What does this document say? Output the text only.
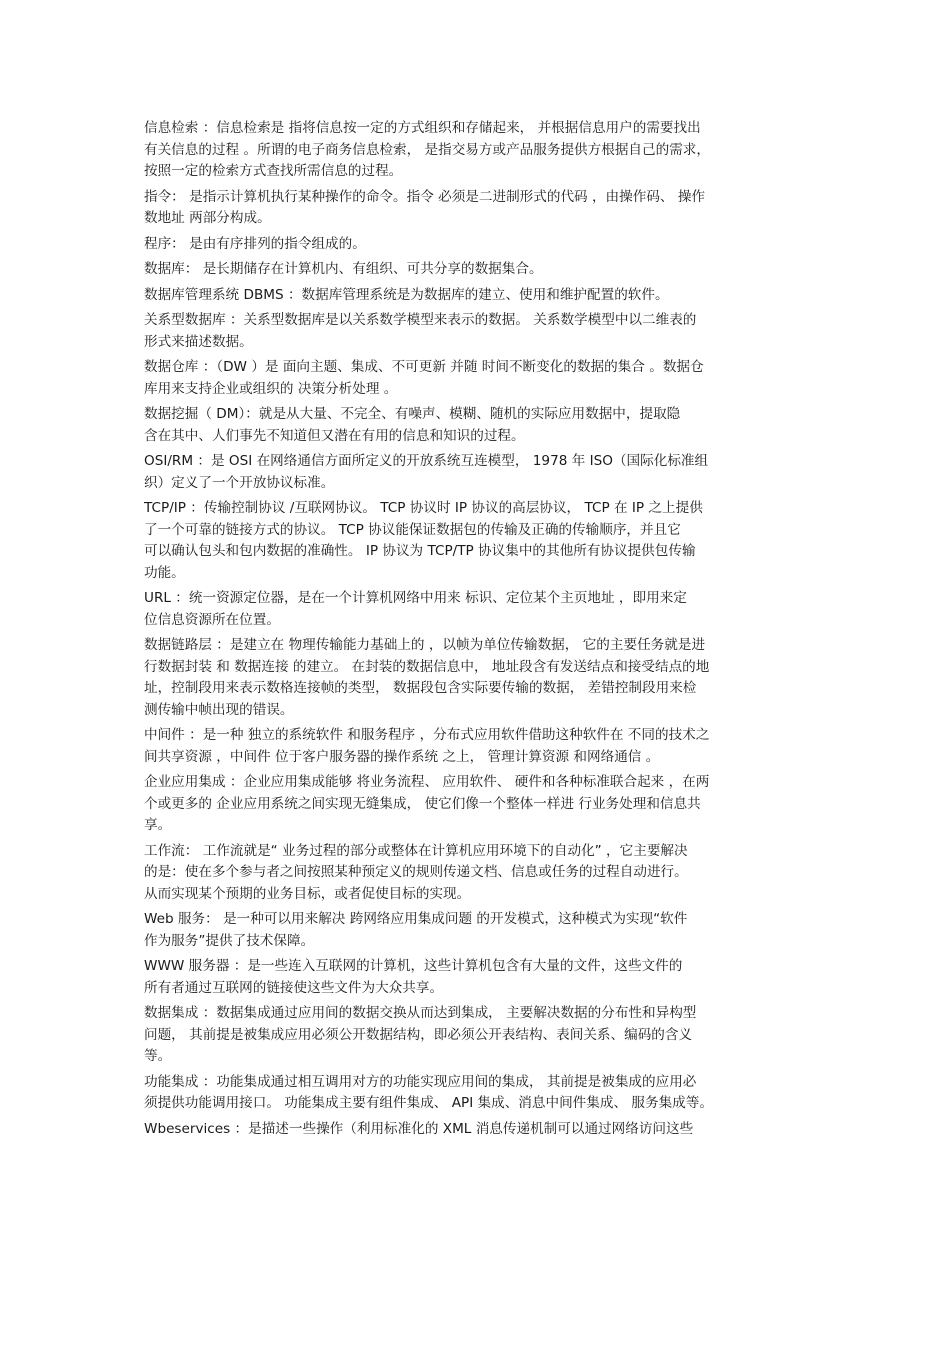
信息检索 ：信息检索是 指将信息按一定的方式组织和存储起来， 并根据信息用户的需要找出
有关信息的过程 。所谓的电子商务信息检索， 是指交易方或产品服务提供方根据自己的需求，
按照一定的检索方式查找所需信息的过程。
指令： 是指示计算机执行某种操作的命令。指令 必须是二进制形式的代码 ，由操作码、 操作
数地址 两部分构成。
程序： 是由有序排列的指令组成的。
数据库： 是长期储存在计算机内、有组织、可共分享的数据集合。
数据库管理系统 DBMS ：数据库管理系统是为数据库的建立、使用和维护配置的软件。
关系型数据库 ：关系型数据库是以关系数学模型来表示的数据。 关系数学模型中以二维表的
形式来描述数据。
数据仓库 ：（DW ）是 面向主题、集成、不可更新 并随 时间不断变化的数据的集合 。数据仓
库用来支持企业或组织的 决策分析处理 。
数据挖掘（ DM）：就是从大量、不完全、有噪声、模糊、随机的实际应用数据中，提取隐
含在其中、人们事先不知道但又潜在有用的信息和知识的过程。
OSI/RM ：是 OSI 在网络通信方面所定义的开放系统互连模型， 1978 年 ISO（国际化标准组
织）定义了一个开放协议标准。
TCP/IP ：传输控制协议 /互联网协议。 TCP 协议时 IP 协议的高层协议， TCP 在 IP 之上提供
了一个可靠的链接方式的协议。 TCP 协议能保证数据包的传输及正确的传输顺序，并且它
可以确认包头和包内数据的准确性。 IP 协议为 TCP/TP 协议集中的其他所有协议提供包传输
功能。
URL ：统一资源定位器，是在一个计算机网络中用来 标识、定位某个主页地址 ，即用来定
位信息资源所在位置。
数据链路层 ：是建立在 物理传输能力基础上的 ，以帧为单位传输数据， 它的主要任务就是进
行数据封装 和 数据连接 的建立。 在封装的数据信息中， 地址段含有发送结点和接受结点的地
址，控制段用来表示数格连接帧的类型， 数据段包含实际要传输的数据， 差错控制段用来检
测传输中帧出现的错误。
中间件 ：是一种 独立的系统软件 和服务程序 ，分布式应用软件借助这种软件在 不同的技术之
间共享资源 ，中间件 位于客户服务器的操作系统 之上， 管理计算资源 和网络通信 。
企业应用集成 ：企业应用集成能够 将业务流程、 应用软件、 硬件和各种标准联合起来 ，在两
个或更多的 企业应用系统之间实现无缝集成， 使它们像一个整体一样进 行业务处理和信息共
享。
工作流： 工作流就是“ 业务过程的部分或整体在计算机应用环境下的自动化” ，它主要解决
的是：使在多个参与者之间按照某种预定义的规则传递文档、信息或任务的过程自动进行。
从而实现某个预期的业务目标，或者促使目标的实现。
Web 服务： 是一种可以用来解决 跨网络应用集成问题 的开发模式，这种模式为实现“软件
作为服务”提供了技术保障。
WWW 服务器 ：是一些连入互联网的计算机，这些计算机包含有大量的文件，这些文件的
所有者通过互联网的链接使这些文件为大众共享。
数据集成 ：数据集成通过应用间的数据交换从而达到集成， 主要解决数据的分布性和异构型
问题， 其前提是被集成应用必须公开数据结构，即必须公开表结构、表间关系、编码的含义
等。
功能集成 ：功能集成通过相互调用对方的功能实现应用间的集成， 其前提是被集成的应用必
须提供功能调用接口。 功能集成主要有组件集成、 API 集成、消息中间件集成、 服务集成等。
Wbeservices ：是描述一些操作（利用标准化的 XML 消息传递机制可以通过网络访问这些
